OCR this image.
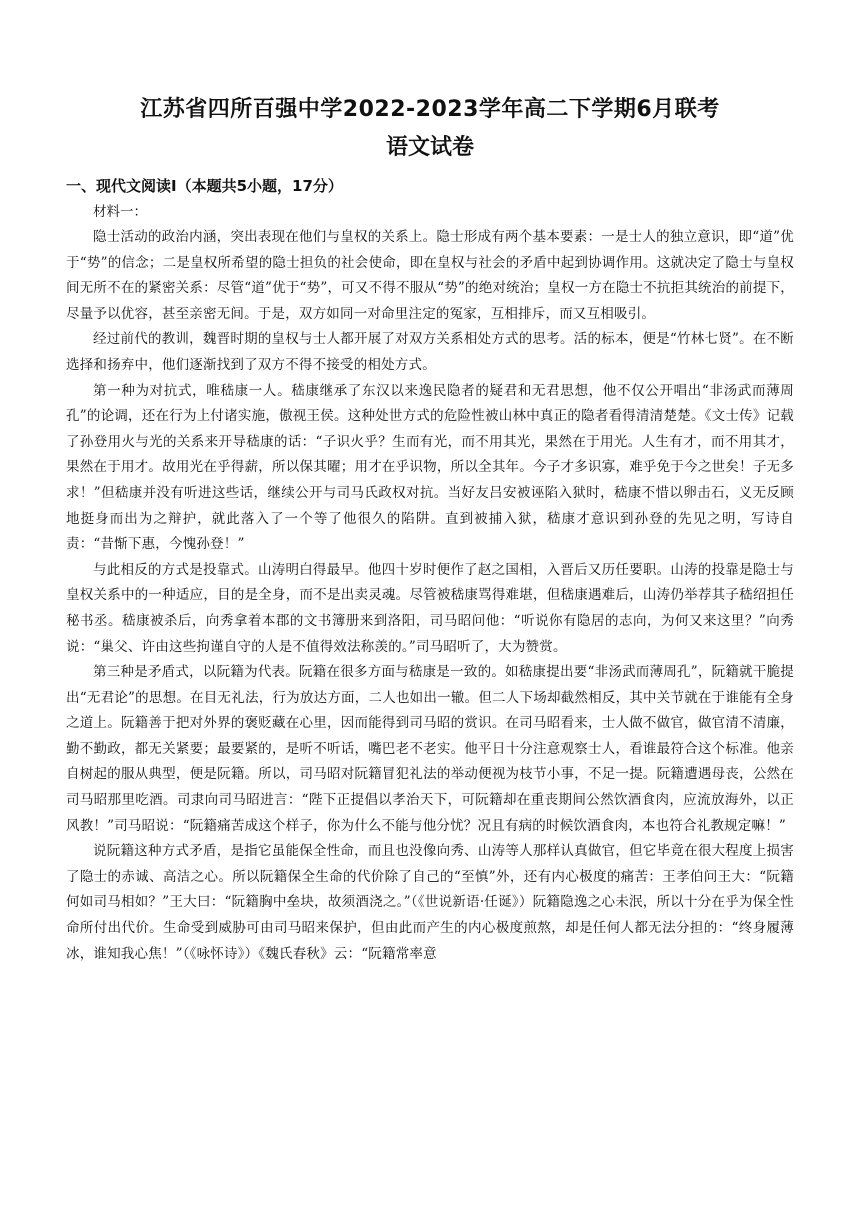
江苏省四所百强中学2022-2023学年高二下学期6月联考
语文试卷
一、现代文阅读I（本题共5小题，17分）

材料一：

隐士活动的政治内涵，突出表现在他们与皇权的关系上。隐士形成有两个基本要素：一是士人的独立意识，即“道”优于“势”的信念；二是皇权所希望的隐士担负的社会使命，即在皇权与社会的矛盾中起到协调作用。这就决定了隐士与皇权间无所不在的紧密关系：尽管“道”优于“势”，可又不得不服从“势”的绝对统治；皇权一方在隐士不抗拒其统治的前提下，尽量予以优容，甚至亲密无间。于是，双方如同一对命里注定的冤家，互相排斥，而又互相吸引。

经过前代的教训，魏晋时期的皇权与士人都开展了对双方关系相处方式的思考。活的标本，便是“竹林七贤”。在不断选择和扬弃中，他们逐渐找到了双方不得不接受的相处方式。

第一种为对抗式，唯嵇康一人。嵇康继承了东汉以来逸民隐者的疑君和无君思想，他不仅公开唱出“非汤武而薄周孔”的论调，还在行为上付诸实施，傲视王侯。这种处世方式的危险性被山林中真正的隐者看得清清楚楚。《文士传》记载了孙登用火与光的关系来开导嵇康的话：“子识火乎？生而有光，而不用其光，果然在于用光。人生有才，而不用其才，果然在于用才。故用光在乎得薪，所以保其曜；用才在乎识物，所以全其年。今子才多识寡，难乎免于今之世矣！子无多求！”但嵇康并没有听进这些话，继续公开与司马氏政权对抗。当好友吕安被诬陷入狱时，嵇康不惜以卵击石，义无反顾地挺身而出为之辩护，就此落入了一个等了他很久的陷阱。直到被捕入狱，嵇康才意识到孙登的先见之明，写诗自责：“昔惭下惠，今愧孙登！”

与此相反的方式是投靠式。山涛明白得最早。他四十岁时便作了赵之国相，入晋后又历任要职。山涛的投靠是隐士与皇权关系中的一种适应，目的是全身，而不是出卖灵魂。尽管被嵇康骂得难堪，但嵇康遇难后，山涛仍举荐其子嵇绍担任秘书丞。嵇康被杀后，向秀拿着本郡的文书簿册来到洛阳，司马昭问他：“听说你有隐居的志向，为何又来这里？”向秀说：“巢父、许由这些拘谨自守的人是不值得效法称羡的。”司马昭听了，大为赞赏。

第三种是矛盾式，以阮籍为代表。阮籍在很多方面与嵇康是一致的。如嵇康提出要“非汤武而薄周孔”，阮籍就干脆提出“无君论”的思想。在目无礼法，行为放达方面，二人也如出一辙。但二人下场却截然相反，其中关节就在于谁能有全身之道上。阮籍善于把对外界的褒贬藏在心里，因而能得到司马昭的赏识。在司马昭看来，士人做不做官，做官清不清廉，勤不勤政，都无关紧要；最要紧的，是听不听话，嘴巴老不老实。他平日十分注意观察士人，看谁最符合这个标准。他亲自树起的服从典型，便是阮籍。所以，司马昭对阮籍冒犯礼法的举动便视为枝节小事，不足一提。阮籍遭遇母丧，公然在司马昭那里吃酒。司隶向司马昭进言：“陛下正提倡以孝治天下，可阮籍却在重丧期间公然饮酒食肉，应流放海外，以正风教！”司马昭说：“阮籍痛苦成这个样子，你为什么不能与他分忧？况且有病的时候饮酒食肉，本也符合礼教规定嘛！”

说阮籍这种方式矛盾，是指它虽能保全性命，而且也没像向秀、山涛等人那样认真做官，但它毕竟在很大程度上损害了隐士的赤诚、高洁之心。所以阮籍保全生命的代价除了自己的“至慎”外，还有内心极度的痛苦：王孝伯问王大：“阮籍何如司马相如？”王大曰：“阮籍胸中垒块，故须酒浇之。”（《世说新语·任诞》）阮籍隐逸之心未泯，所以十分在乎为保全性命所付出代价。生命受到威胁可由司马昭来保护，但由此而产生的内心极度煎熬，却是任何人都无法分担的：“终身履薄冰，谁知我心焦！”（《咏怀诗》）《魏氏春秋》云：“阮籍常率意
